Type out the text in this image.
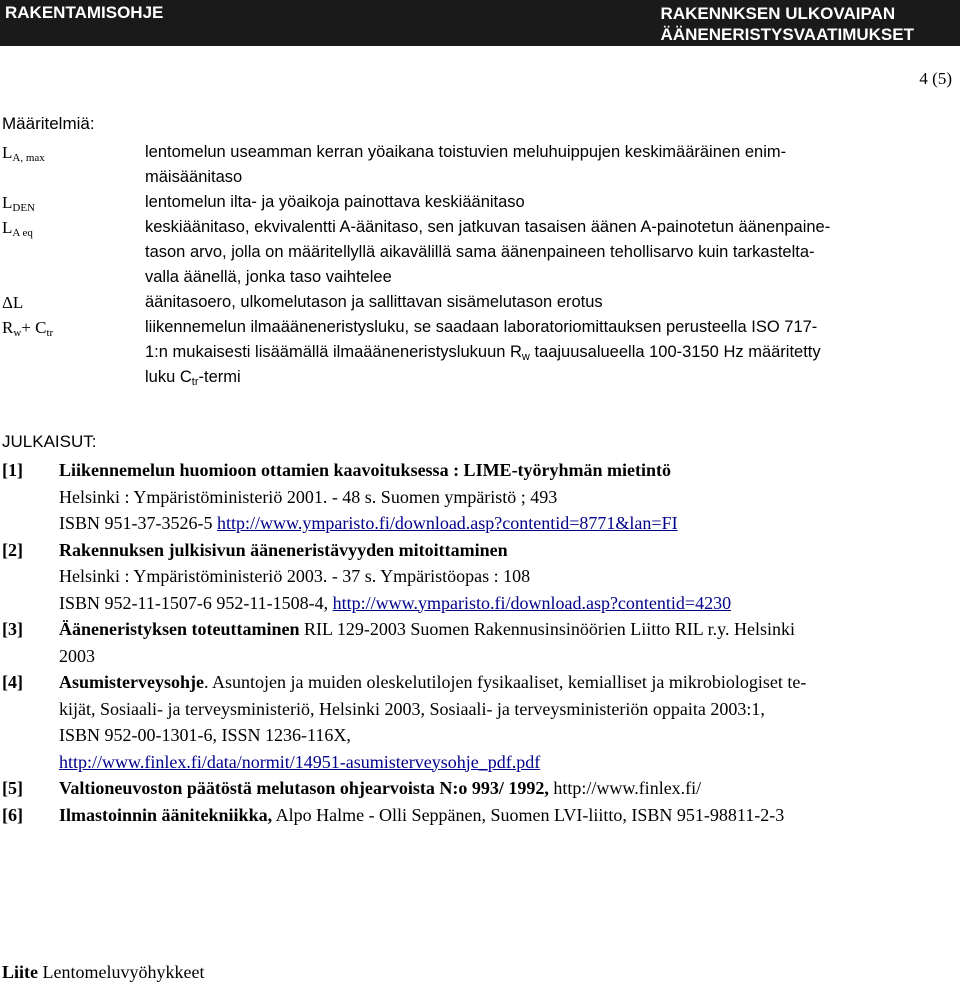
RAKENTAMISOHJE	RAKENNKSEN ULKOVAIPAN
ÄÄNENERISTYSVAATIMUKSET
4 (5)
Määritelmiä:
$L_{A, max}$	lentomelun useamman kerran yöaikana toistuvien meluhuippujen keskimääräinen enim-
mäisäänitaso
$L_{DEN}$	lentomelun ilta- ja yöaikoja painottava keskiäänitaso
$L_{A eq}$	keskiäänitaso, ekvivalentti A-äänitaso, sen jatkuvan tasaisen äänen A-painotetun äänenpaine-
tason arvo, jolla on määritellyllä aikavälillä sama äänenpaineen tehollisarvo kuin tarkasteltа-
valla äänellä, jonka taso vaihtelee
ΔL	äänitasoero, ulkomelutason ja sallittavan sisämelutason erotus
$R_w+ C_{tr}$	liikennemelun ilmaääneneristysluku, se saadaan laboratoriomittauksen perusteella ISO 717-
1:n mukaisesti lisäämällä ilmaääneneristyslukuun $R_w$ taajuusalueella 100-3150 Hz määritetty
luku $C_{tr}$-termi
JULKAISUT:
[1] Liikennemelun huomioon ottamien kaavoituksessa : LIME-työryhmän mietintö
Helsinki : Ympäristöministeriö 2001. - 48 s. Suomen ympäristö ; 493
ISBN 951-37-3526-5 http://www.ymparisto.fi/download.asp?contentid=8771&lan=FI
[2] Rakennuksen julkisivun ääneneristävyyden mitoittaminen
Helsinki : Ympäristöministeriö 2003. - 37 s. Ympäristöopas : 108
ISBN 952-11-1507-6 952-11-1508-4, http://www.ymparisto.fi/download.asp?contentid=4230
[3] Ääneneristyksen toteuttaminen RIL 129-2003 Suomen Rakennusinsinöörien Liitto RIL r.y. Helsinki
2003
[4] Asumisterveysohje. Asuntojen ja muiden oleskelutilojen fysikaaliset, kemialliset ja mikrobiologiset te-
kijät, Sosiaali- ja terveysministeriö, Helsinki 2003, Sosiaali- ja terveysministeriön oppaita 2003:1,
ISBN 952-00-1301-6, ISSN 1236-116X,
http://www.finlex.fi/data/normit/14951-asumisterveysohje_pdf.pdf
[5] Valtioneuvoston päätöstä melutason ohjearvoista N:o 993/ 1992, http://www.finlex.fi/
[6] Ilmastoinnin äänitekniikka, Alpo Halme - Olli Seppänen, Suomen LVI-liitto, ISBN 951-98811-2-3
Liite Lentomeluvyöhykkeet
